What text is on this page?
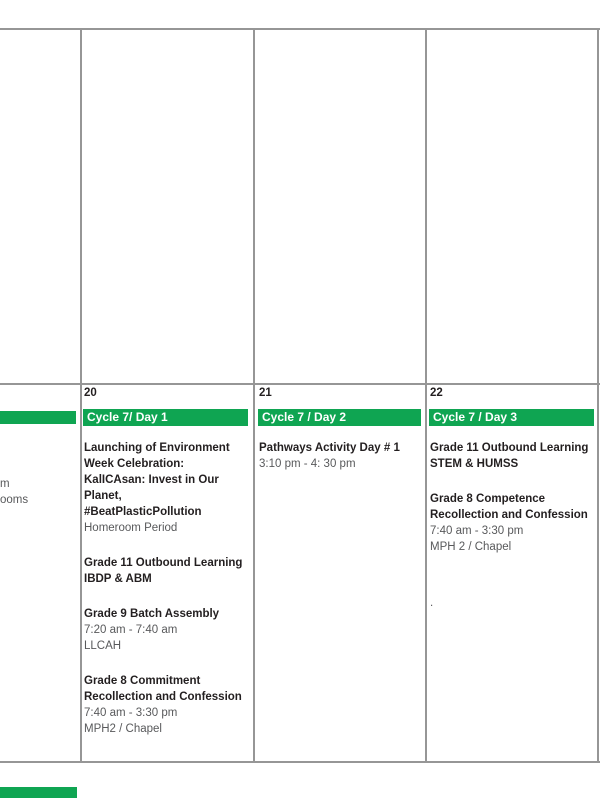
m
ooms
20
Cycle 7/ Day 1
Launching of Environment
Week Celebration:
KalICAsan: Invest in Our
Planet,
#BeatPlasticPollution
Homeroom Period
Grade 11 Outbound Learning
IBDP & ABM
Grade 9 Batch Assembly
7:20 am - 7:40 am
LLCAH
Grade 8 Commitment
Recollection and Confession
7:40 am - 3:30 pm
MPH2 / Chapel
21
Cycle 7 / Day 2
Pathways Activity Day # 1
3:10 pm - 4: 30 pm
22
Cycle 7 / Day 3
Grade 11 Outbound Learning
STEM & HUMSS
Grade 8 Competence
Recollection and Confession
7:40 am - 3:30 pm
MPH 2 / Chapel
.
